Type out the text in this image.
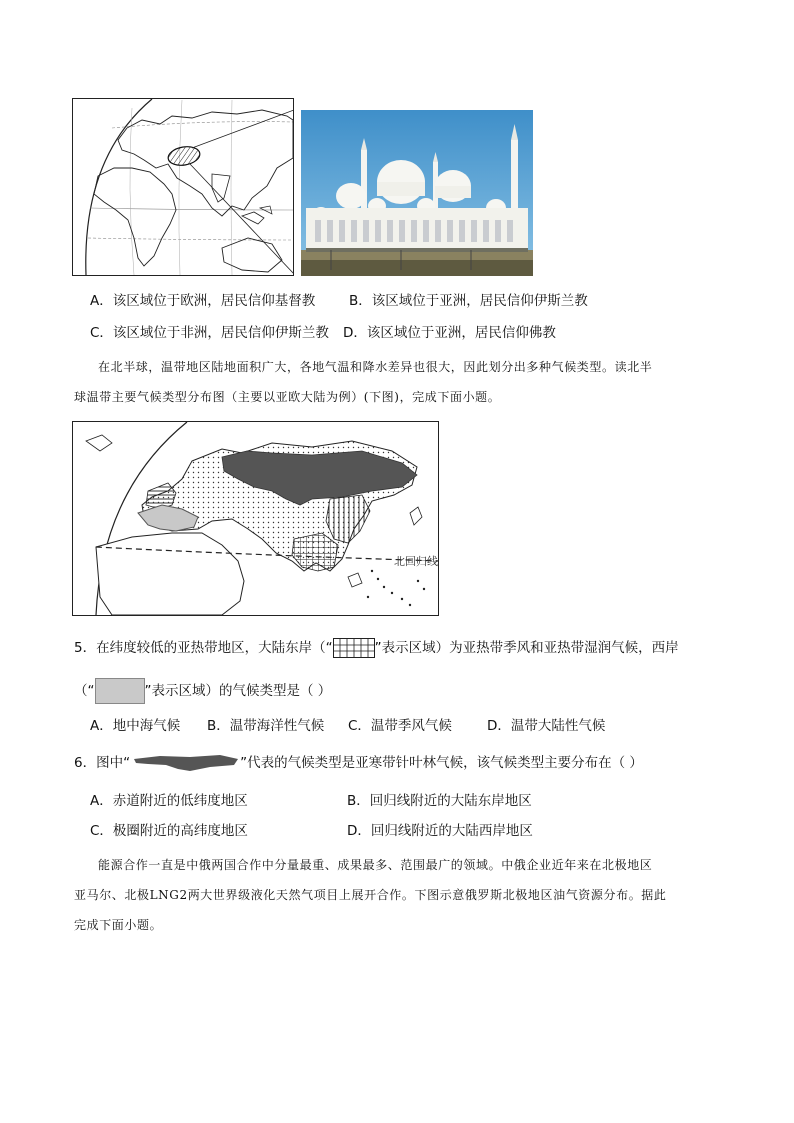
A．该区域位于欧洲，居民信仰基督教	B．该区域位于亚洲，居民信仰伊斯兰教
C．该区域位于非洲，居民信仰伊斯兰教 D．该区域位于亚洲，居民信仰佛教
在北半球，温带地区陆地面积广大，各地气温和降水差异也很大，因此划分出多种气候类型。读北半
球温带主要气候类型分布图（主要以亚欧大陆为例）(下图)，完成下面小题。
北回归线
5．在纬度较低的亚热带地区，大陆东岸（“	”表示区域）为亚热带季风和亚热带湿润气候，西岸
（“	”表示区域）的气候类型是（ ）
A．地中海气候 B．温带海洋性气候 C．温带季风气候	D．温带大陆性气候
6．图中“	”代表的气候类型是亚寒带针叶林气候，该气候类型主要分布在（ ）
A．赤道附近的低纬度地区	B．回归线附近的大陆东岸地区
C．极圈附近的高纬度地区	D．回归线附近的大陆西岸地区
能源合作一直是中俄两国合作中分量最重、成果最多、范围最广的领域。中俄企业近年来在北极地区
亚马尔、北极LNG2两大世界级液化天然气项目上展开合作。下图示意俄罗斯北极地区油气资源分布。据此
完成下面小题。
